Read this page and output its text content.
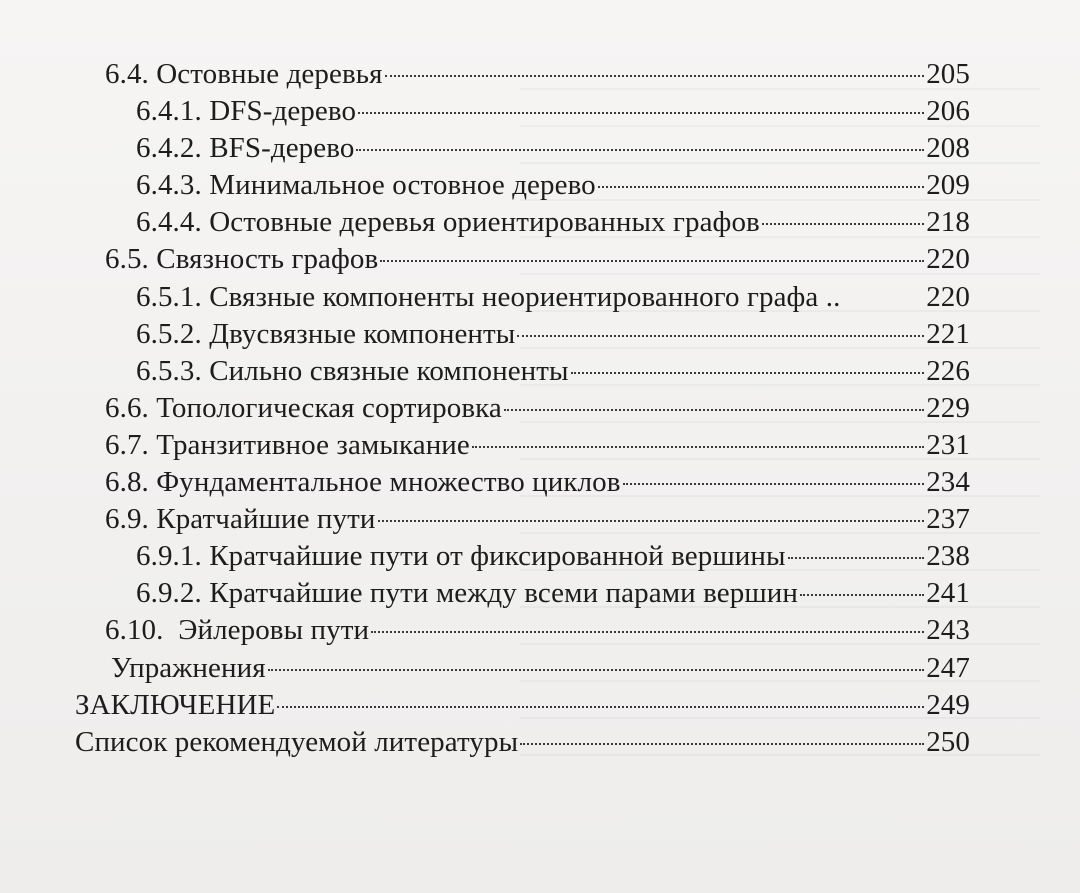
6.4. Остовные деревья	205
6.4.1. DFS-дерево	206
6.4.2. BFS-дерево	208
6.4.3. Минимальное остовное дерево	209
6.4.4. Остовные деревья ориентированных графов	218
6.5. Связность графов	220
6.5.1. Связные компоненты неориентированного графа ..	220
6.5.2. Двусвязные компоненты	221
6.5.3. Сильно связные компоненты	226
6.6. Топологическая сортировка	229
6.7. Транзитивное замыкание	231
6.8. Фундаментальное множество циклов	234
6.9. Кратчайшие пути	237
6.9.1. Кратчайшие пути от фиксированной вершины	238
6.9.2. Кратчайшие пути между всеми парами вершин	241
6.10. Эйлеровы пути	243
Упражнения	247
ЗАКЛЮЧЕНИЕ	249
Список рекомендуемой литературы	250
